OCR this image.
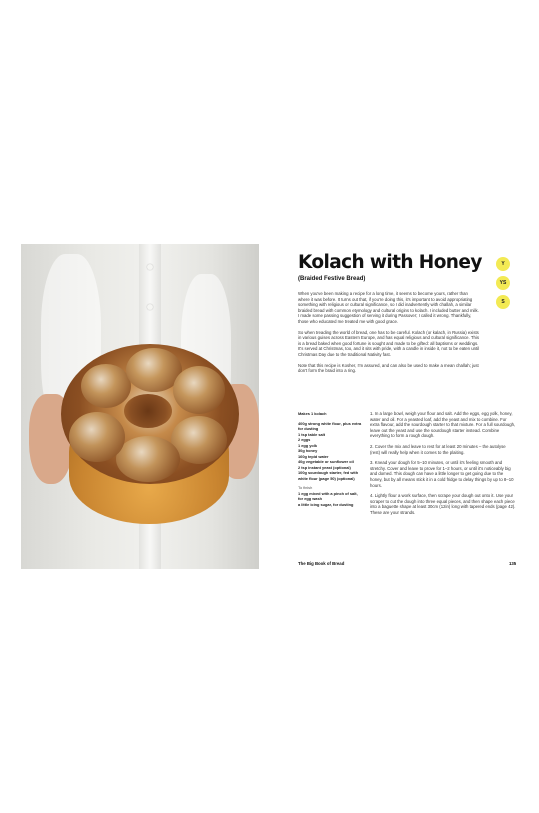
Kolach with Honey
(Braided Festive Bread)
Y
YS
S

When you've been making a recipe for a long time, it seems to become yours, rather than where it was before. It turns out that, if you're doing this, it's important to avoid appropriating something with religious or cultural significance, so I did inadvertently with challah, a similar braided bread with common etymology and cultural origins to kolach. I included butter and milk. I made some passing suggestion of serving it during Passover; I called it wrong. Thankfully, those who educated me treated me with good grace.

So when treading the world of bread, one has to be careful. Kolach (or kalach, in Russia) exists in various guises across Eastern Europe, and has equal religious and cultural significance. This is a bread baked when good fortune is sought and made to be gifted: all baptisms or weddings. It's served at Christmas, too, and it sits with pride, with a candle in inside it, not to be eaten until Christmas Day due to the traditional Nativity fast.

Note that this recipe is Kosher, I'm assured, and can also be used to make a mean challah; just don't form the braid into a ring.

Makes 1 kolach
400g strong white flour, plus extra for dusting
1 tsp table salt
2 eggs
1 egg yolk
30g honey
160g tepid water
40g vegetable or sunflower oil
2 tsp instant yeast (optional)
100g sourdough starter, fed with white flour (page 50) (optional)
To finish
1 egg mixed with a pinch of salt, for egg wash
a little icing sugar, for dusting

1. In a large bowl, weigh your flour and salt. Add the eggs, egg yolk, honey, water and oil. For a yeasted loaf, add the yeast and mix to combine. For extra flavour, add the sourdough starter to that mixture. For a full sourdough, leave out the yeast and use the sourdough starter instead. Combine everything to form a rough dough.

2. Cover the mix and leave to rest for at least 20 minutes – the autolyse (rest) will really help when it comes to the plaiting.

3. Knead your dough for 5–10 minutes, or until it's feeling smooth and stretchy. Cover and leave to prove for 1–2 hours, or until it's noticeably big and domed. This dough can have a little longer to get going due to the honey, but by all means stick it in a cold fridge to delay things by up to 8–10 hours.

4. Lightly flour a work surface, then scrape your dough out onto it. Use your scraper to cut the dough into three equal pieces, and then shape each piece into a baguette shape at least 30cm (12in) long with tapered ends (page 42). These are your strands.

The Big Book of Bread	135
